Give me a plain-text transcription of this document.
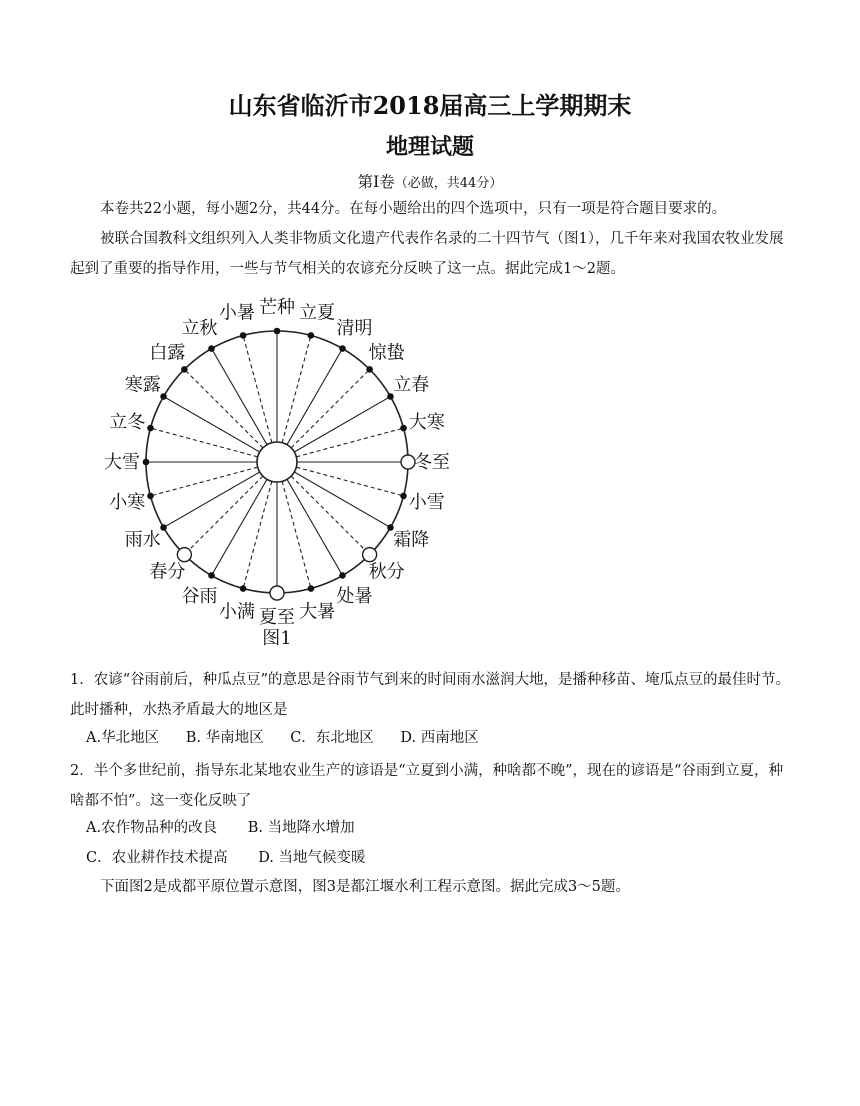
山东省临沂市2018届高三上学期期末
地理试题
第Ⅰ卷（必做，共44分）

本卷共22小题，每小题2分，共44分。在每小题给出的四个选项中，只有一项是符合题目要求的。

被联合国教科文组织列入人类非物质文化遗产代表作名录的二十四节气（图1），几千年来对我国农牧业发展起到了重要的指导作用，一些与节气相关的农谚充分反映了这一点。据此完成1～2题。

冬至
大寒
立春
惊蛰
清明
立夏
芒种
小暑
立秋
白露
寒露
立冬
大雪
小寒
雨水
春分
谷雨
小满 夏至 大暑
处暑
秋分
霜降
小雪
图1

1．农谚“谷雨前后，种瓜点豆”的意思是谷雨节气到来的时间雨水滋润大地，是播种移苗、埯瓜点豆的最佳时节。此时播种，水热矛盾最大的地区是

A.华北地区 B. 华南地区 C．东北地区 D. 西南地区

2．半个多世纪前，指导东北某地农业生产的谚语是“立夏到小满，种啥都不晚”，现在的谚语是“谷雨到立夏，种啥都不怕”。这一变化反映了

A.农作物品种的改良 B. 当地降水增加
C．农业耕作技术提高 D. 当地气候变暖

下面图2是成都平原位置示意图，图3是都江堰水利工程示意图。据此完成3～5题。
